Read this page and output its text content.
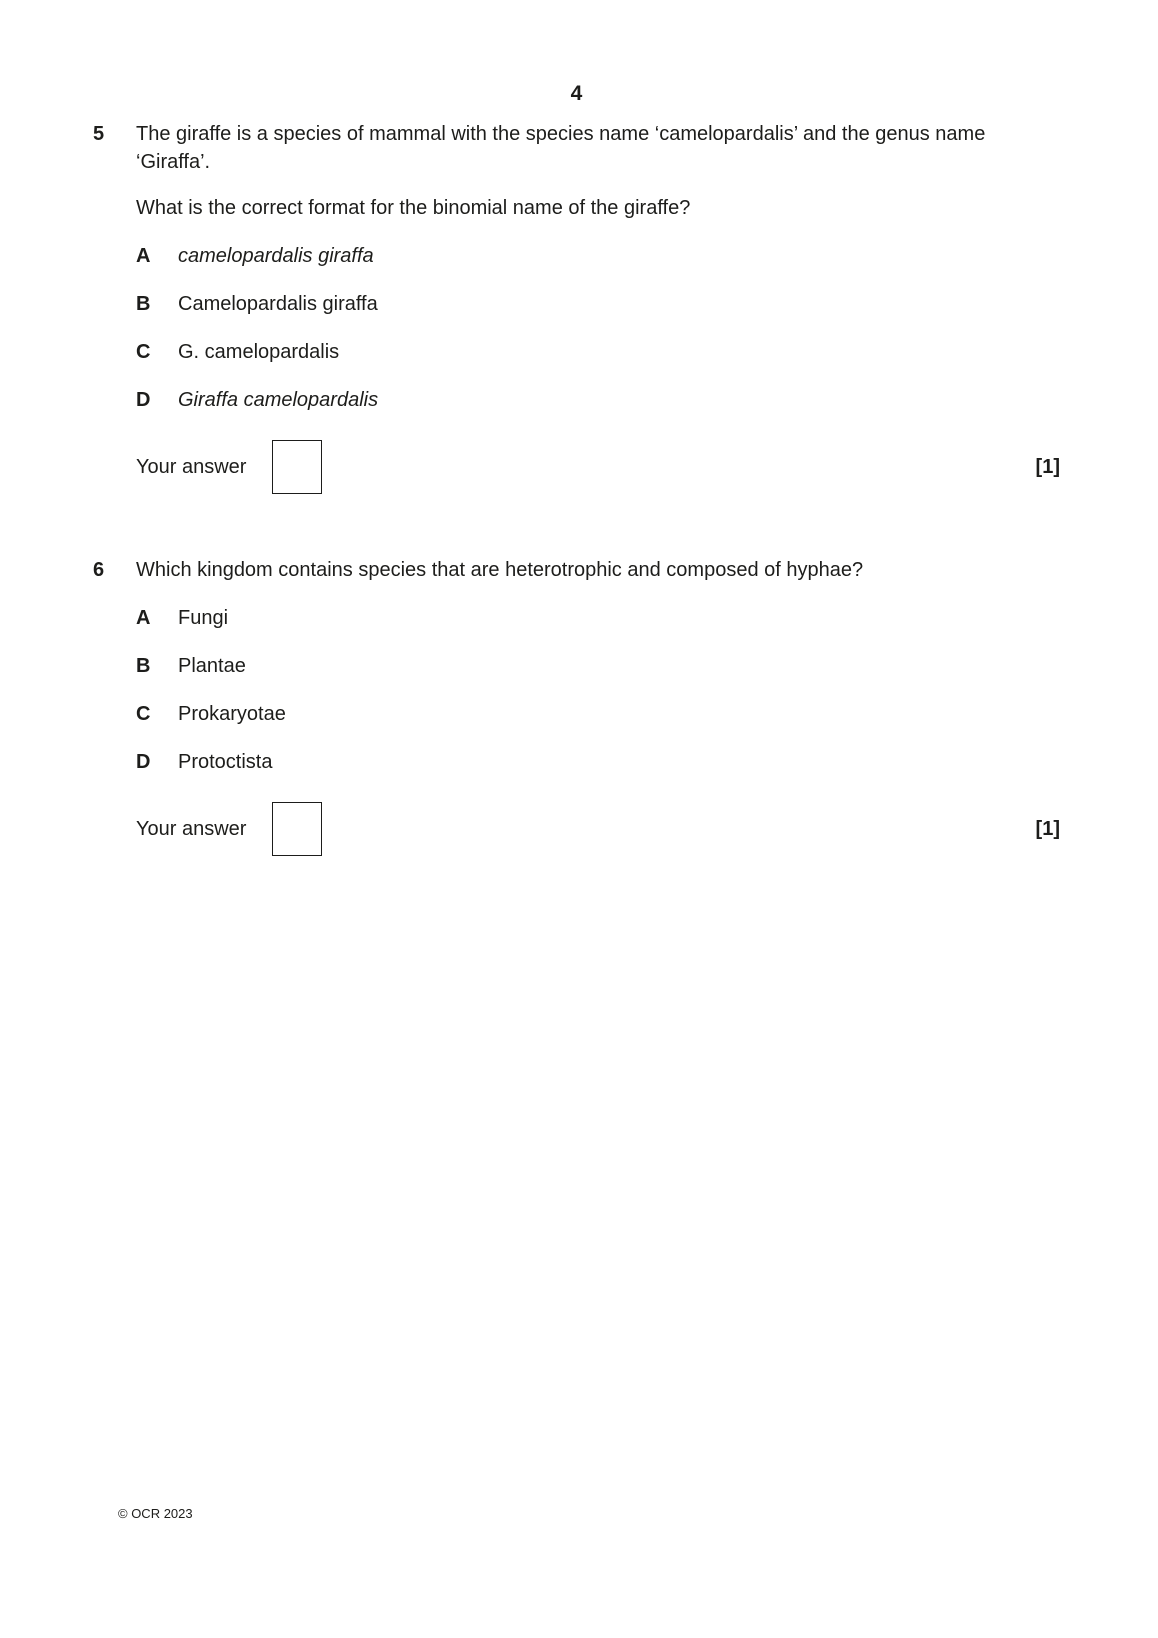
4
5	The giraffe is a species of mammal with the species name ‘camelopardalis’ and the genus name ‘Giraffa’.

What is the correct format for the binomial name of the giraffe?

A	camelopardalis giraffa
B	Camelopardalis giraffa
C	G. camelopardalis
D	Giraffa camelopardalis
Your answer	[1]
6	Which kingdom contains species that are heterotrophic and composed of hyphae?

A	Fungi
B	Plantae
C	Prokaryotae
D	Protoctista
Your answer	[1]
© OCR 2023
